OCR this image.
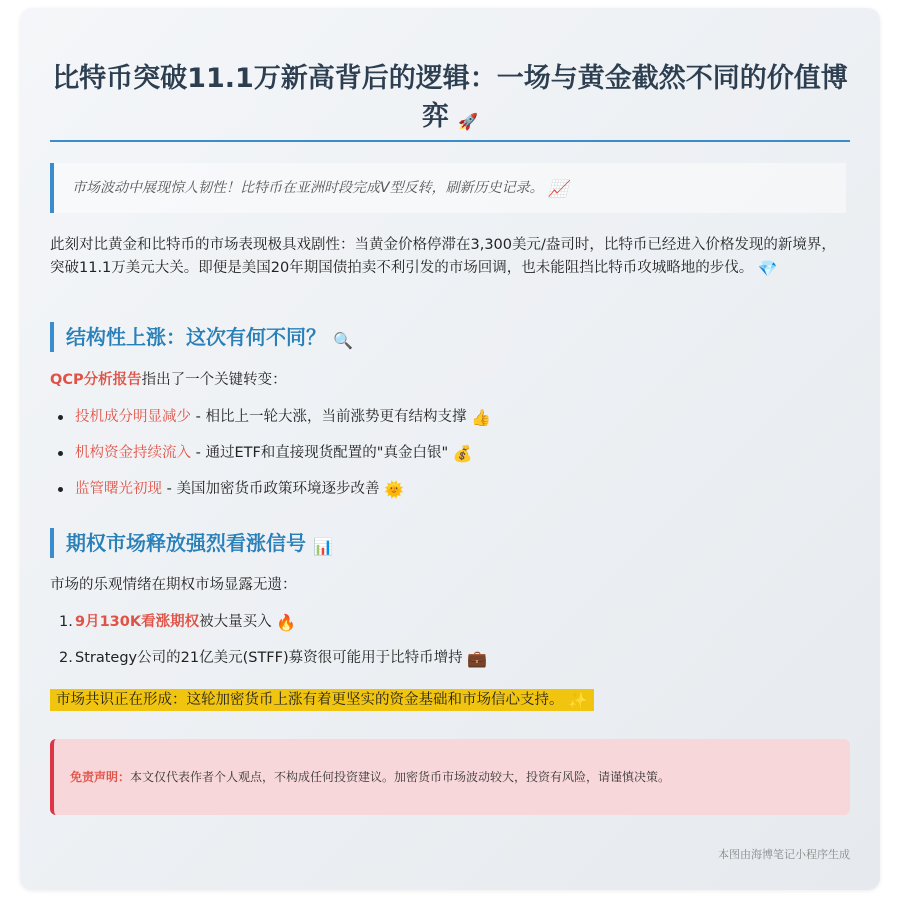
比特币突破11.1万新高背后的逻辑：一场与黄金截然不同的价值博弈 🚀
市场波动中展现惊人韧性！比特币在亚洲时段完成V型反转，刷新历史记录。 📈
此刻对比黄金和比特币的市场表现极具戏剧性：当黄金价格停滞在3,300美元/盎司时，比特币已经进入价格发现的新境界，突破11.1万美元大关。即便是美国20年期国债拍卖不利引发的市场回调，也未能阻挡比特币攻城略地的步伐。 💎
结构性上涨：这次有何不同？ 🔍
QCP分析报告指出了一个关键转变：
投机成分明显减少 - 相比上一轮大涨，当前涨势更有结构支撑 👍
机构资金持续流入 - 通过ETF和直接现货配置的"真金白银" 💰
监管曙光初现 - 美国加密货币政策环境逐步改善 🌞
期权市场释放强烈看涨信号 📊
市场的乐观情绪在期权市场显露无遗：
1. 9月130K看涨期权被大量买入 🔥
2. Strategy公司的21亿美元(STFF)募资很可能用于比特币增持 💼
市场共识正在形成：这轮加密货币上涨有着更坚实的资金基础和市场信心支持。 ✨
免责声明：本文仅代表作者个人观点，不构成任何投资建议。加密货币市场波动较大，投资有风险，请谨慎决策。
本图由海博笔记小程序生成
